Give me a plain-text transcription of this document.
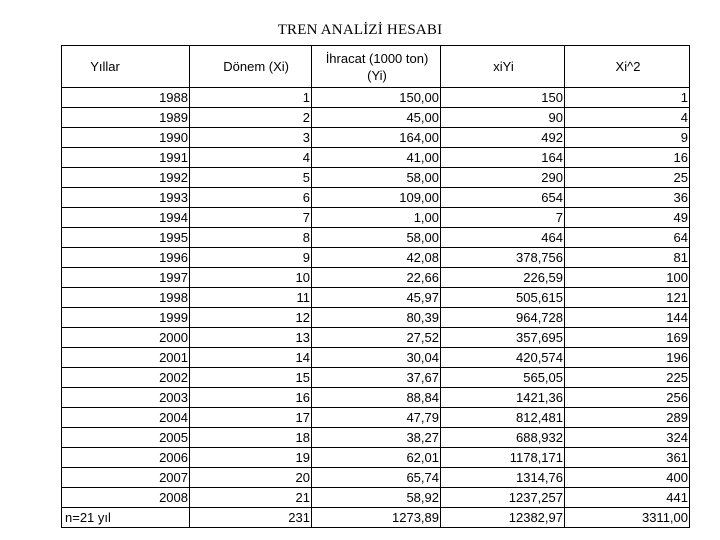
TREN ANALİZİ HESABI
Yıllar	Dönem (Xi)	İhracat (1000 ton) (Yi)	xiYi	Xi^2
1988	1	150,00	150	1
1989	2	45,00	90	4
1990	3	164,00	492	9
1991	4	41,00	164	16
1992	5	58,00	290	25
1993	6	109,00	654	36
1994	7	1,00	7	49
1995	8	58,00	464	64
1996	9	42,08	378,756	81
1997	10	22,66	226,59	100
1998	11	45,97	505,615	121
1999	12	80,39	964,728	144
2000	13	27,52	357,695	169
2001	14	30,04	420,574	196
2002	15	37,67	565,05	225
2003	16	88,84	1421,36	256
2004	17	47,79	812,481	289
2005	18	38,27	688,932	324
2006	19	62,01	1178,171	361
2007	20	65,74	1314,76	400
2008	21	58,92	1237,257	441
n=21 yıl	231	1273,89	12382,97	3311,00
